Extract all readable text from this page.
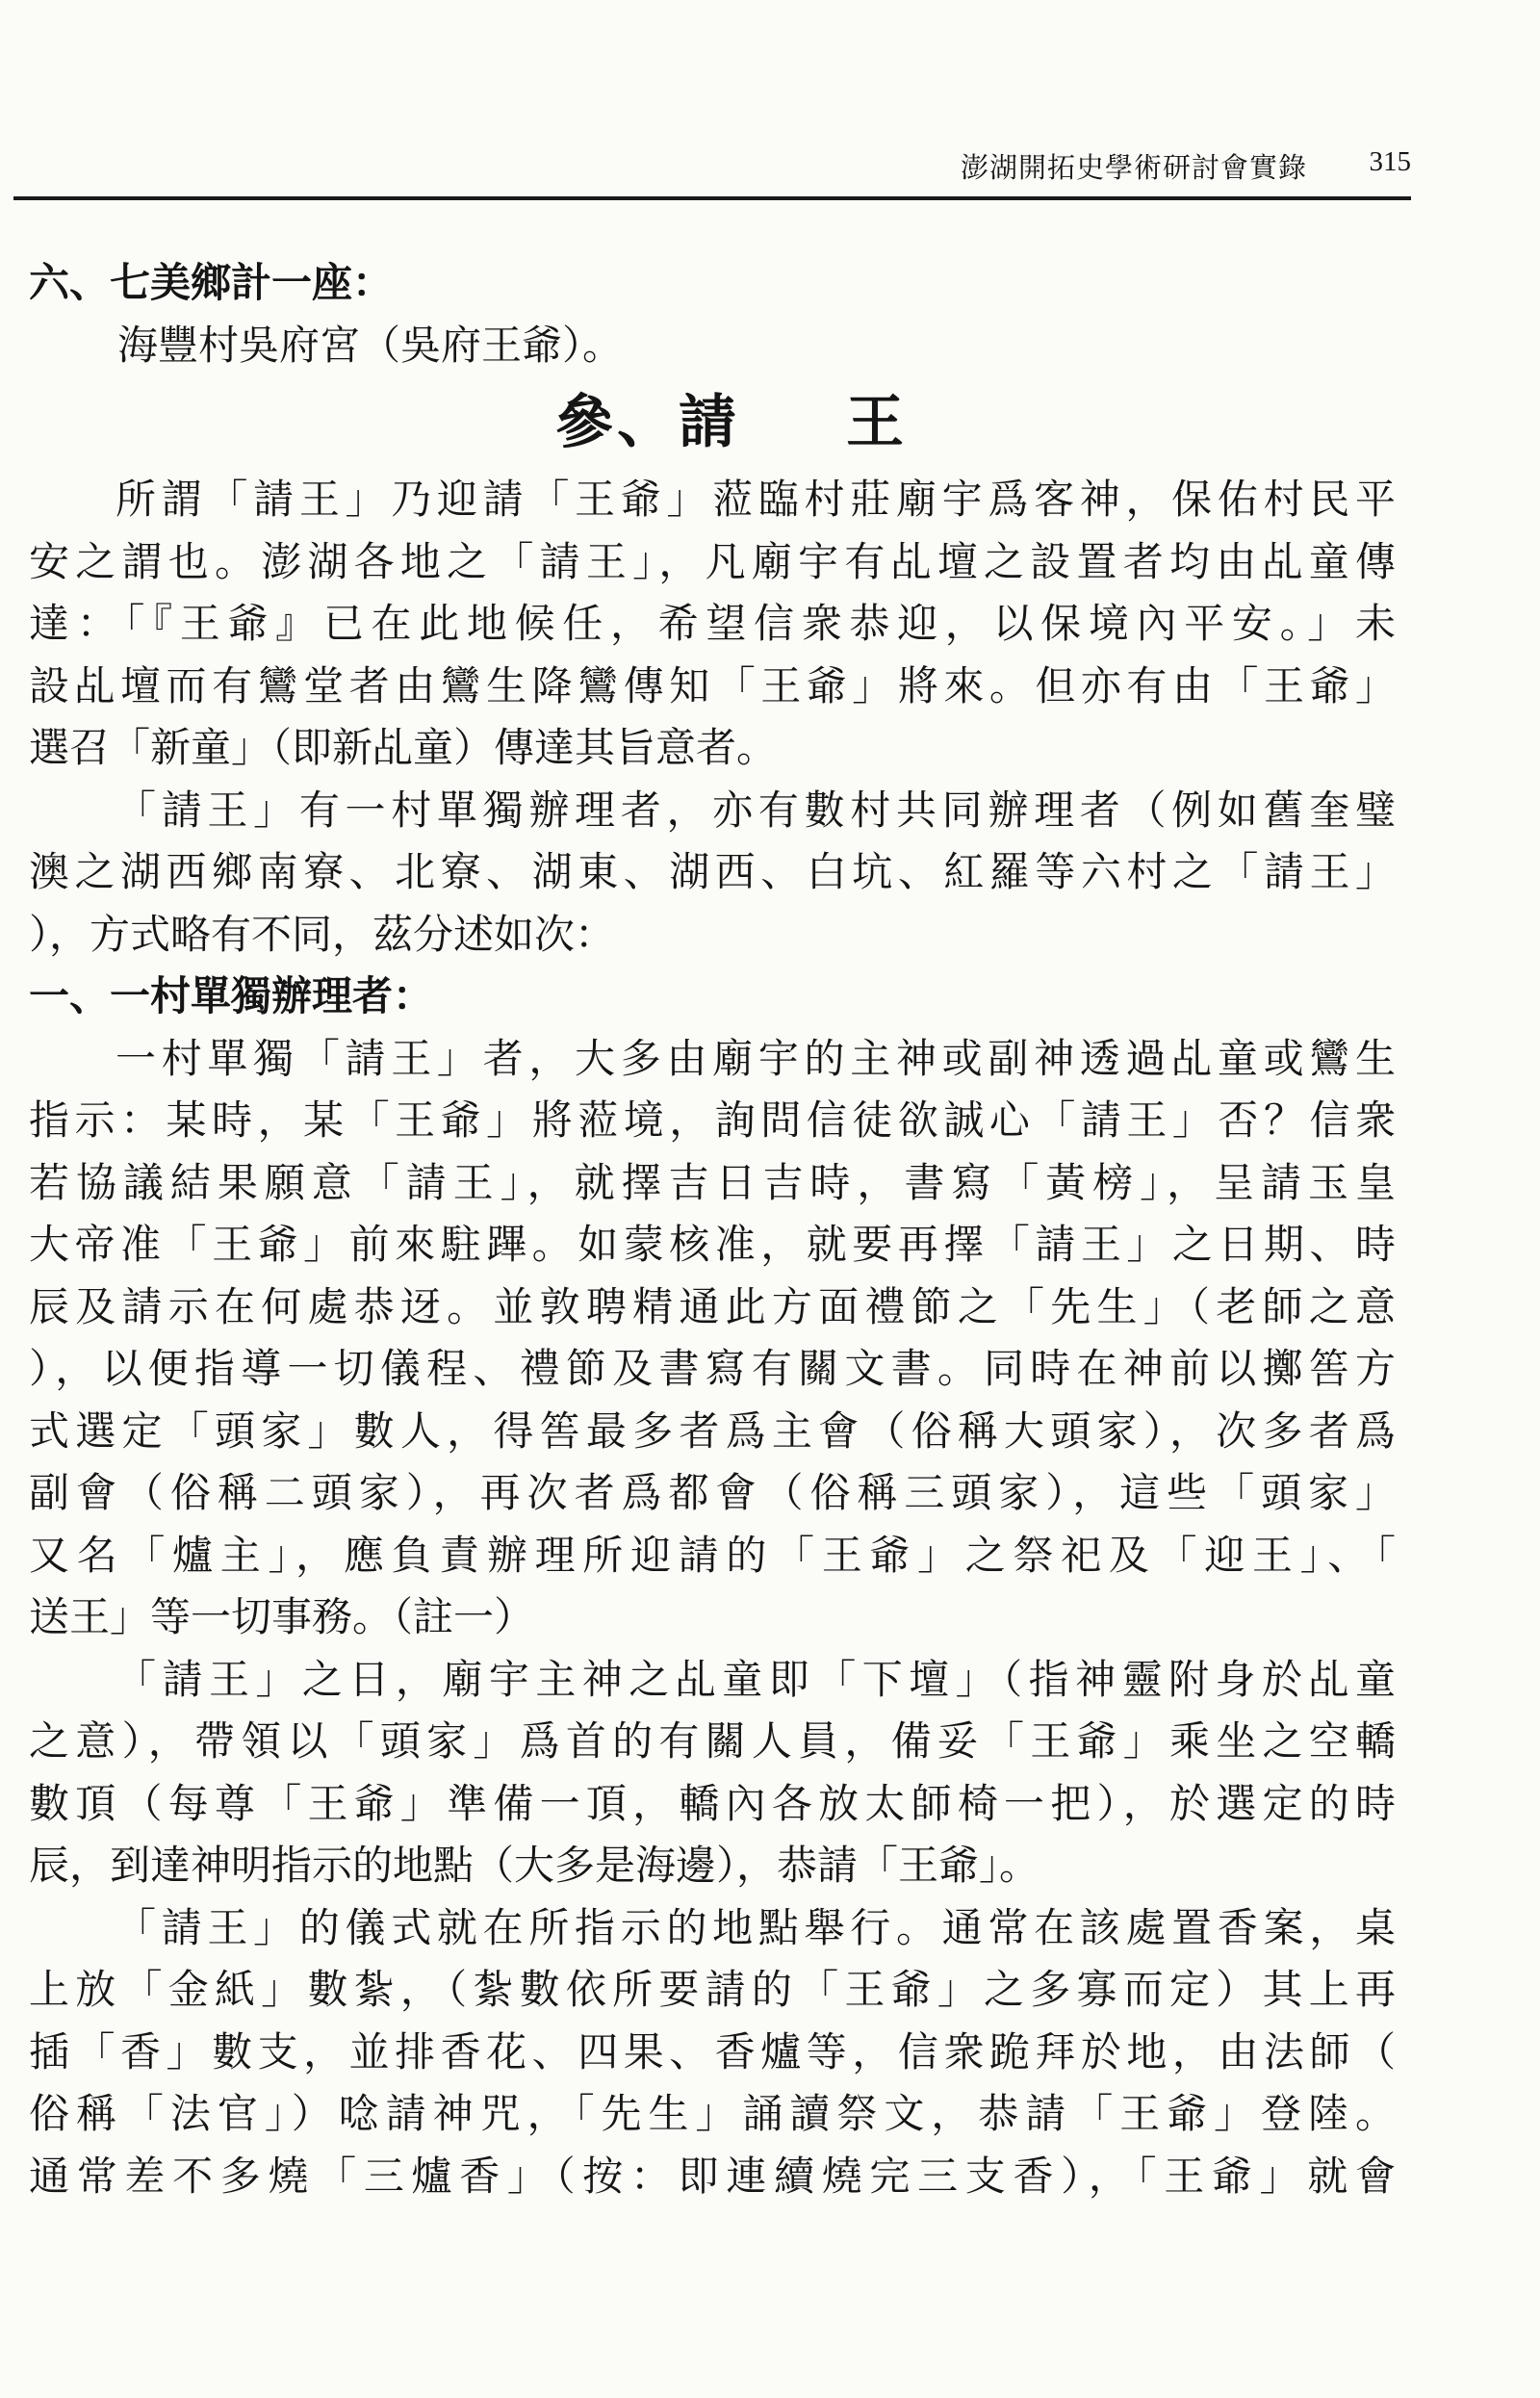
澎湖開拓史學術研討會實錄 315
六、七美鄉計一座：
海豐村吳府宮（吳府王爺）。
參、請 王
所謂「請王」乃迎請「王爺」蒞臨村莊廟宇爲客神，保佑村民平
安之謂也。澎湖各地之「請王」，凡廟宇有乩壇之設置者均由乩童傳
達：「『王爺』已在此地候任，希望信衆恭迎，以保境內平安。」未
設乩壇而有鸞堂者由鸞生降鸞傳知「王爺」將來。但亦有由「王爺」
選召「新童」（即新乩童）傳達其旨意者。
「請王」有一村單獨辦理者，亦有數村共同辦理者（例如舊奎璧
澳之湖西鄉南寮、北寮、湖東、湖西、白坑、紅羅等六村之「請王」
），方式略有不同，茲分述如次：
一、一村單獨辦理者：
一村單獨「請王」者，大多由廟宇的主神或副神透過乩童或鸞生
指示：某時，某「王爺」將蒞境，詢問信徒欲誠心「請王」否？信衆
若協議結果願意「請王」，就擇吉日吉時，書寫「黃榜」，呈請玉皇
大帝准「王爺」前來駐蹕。如蒙核准，就要再擇「請王」之日期、時
辰及請示在何處恭迓。並敦聘精通此方面禮節之「先生」（老師之意
），以便指導一切儀程、禮節及書寫有關文書。同時在神前以擲筶方
式選定「頭家」數人，得筶最多者爲主會（俗稱大頭家），次多者爲
副會（俗稱二頭家），再次者爲都會（俗稱三頭家），這些「頭家」
又名「爐主」，應負責辦理所迎請的「王爺」之祭祀及「迎王」、「
送王」等一切事務。（註一）
「請王」之日，廟宇主神之乩童即「下壇」（指神靈附身於乩童
之意），帶領以「頭家」爲首的有關人員，備妥「王爺」乘坐之空轎
數頂（每尊「王爺」準備一頂，轎內各放太師椅一把），於選定的時
辰，到達神明指示的地點（大多是海邊），恭請「王爺」。
「請王」的儀式就在所指示的地點舉行。通常在該處置香案，桌
上放「金紙」數紮，（紮數依所要請的「王爺」之多寡而定）其上再
插「香」數支，並排香花、四果、香爐等，信衆跪拜於地，由法師（
俗稱「法官」）唸請神咒，「先生」誦讀祭文，恭請「王爺」登陸。
通常差不多燒「三爐香」（按：即連續燒完三支香），「王爺」就會
